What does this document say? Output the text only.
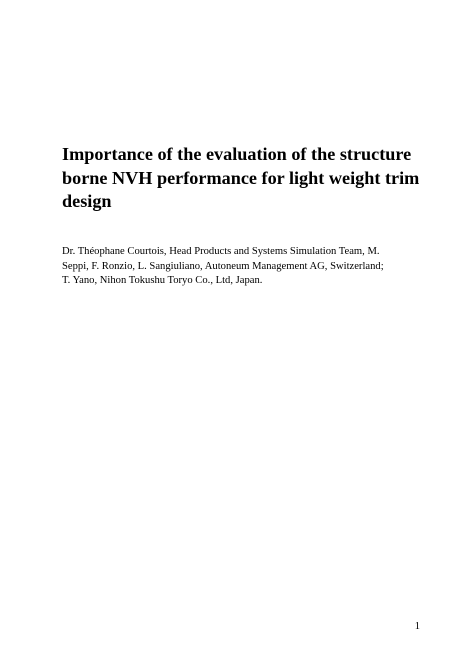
Importance of the evaluation of the structure
borne NVH performance for light weight trim
design

Dr. Théophane Courtois, Head Products and Systems Simulation Team, M.
Seppi, F. Ronzio, L. Sangiuliano, Autoneum Management AG, Switzerland;
T. Yano, Nihon Tokushu Toryo Co., Ltd, Japan.

1
